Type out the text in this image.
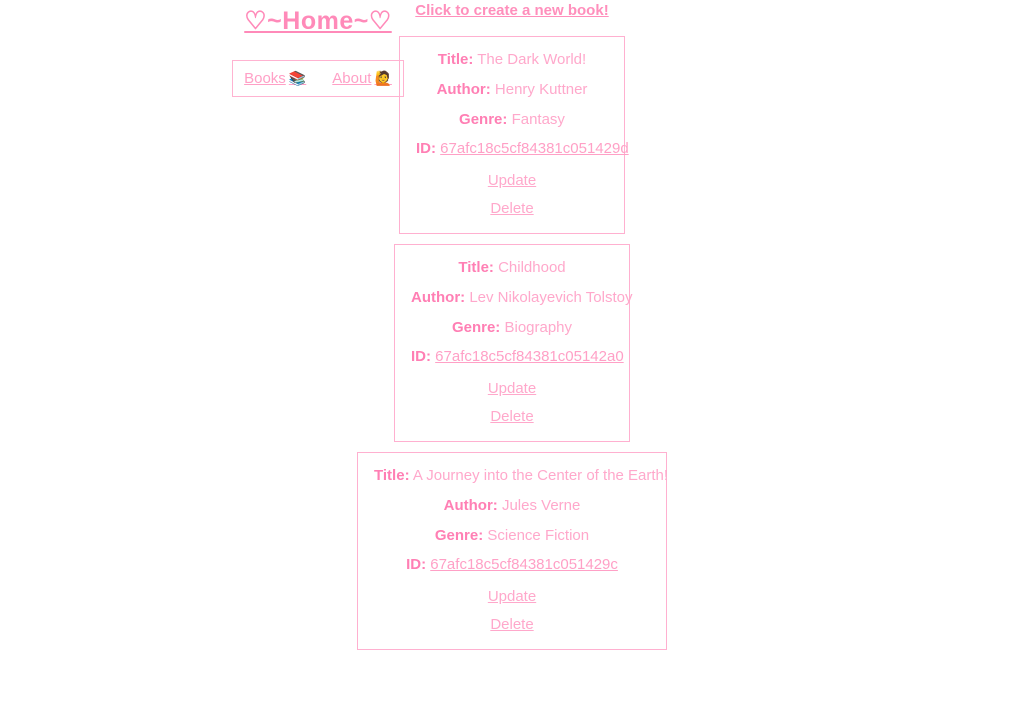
♡~Home~♡
Books 📚 About 🙋
Click to create a new book!

Title: The Dark World!

Author: Henry Kuttner

Genre: Fantasy

ID: 67afc18c5cf84381c051429d

Update
Delete

Title: Childhood

Author: Lev Nikolayevich Tolstoy

Genre: Biography

ID: 67afc18c5cf84381c05142a0

Update
Delete

Title: A Journey into the Center of the Earth!

Author: Jules Verne

Genre: Science Fiction

ID: 67afc18c5cf84381c051429c

Update
Delete
